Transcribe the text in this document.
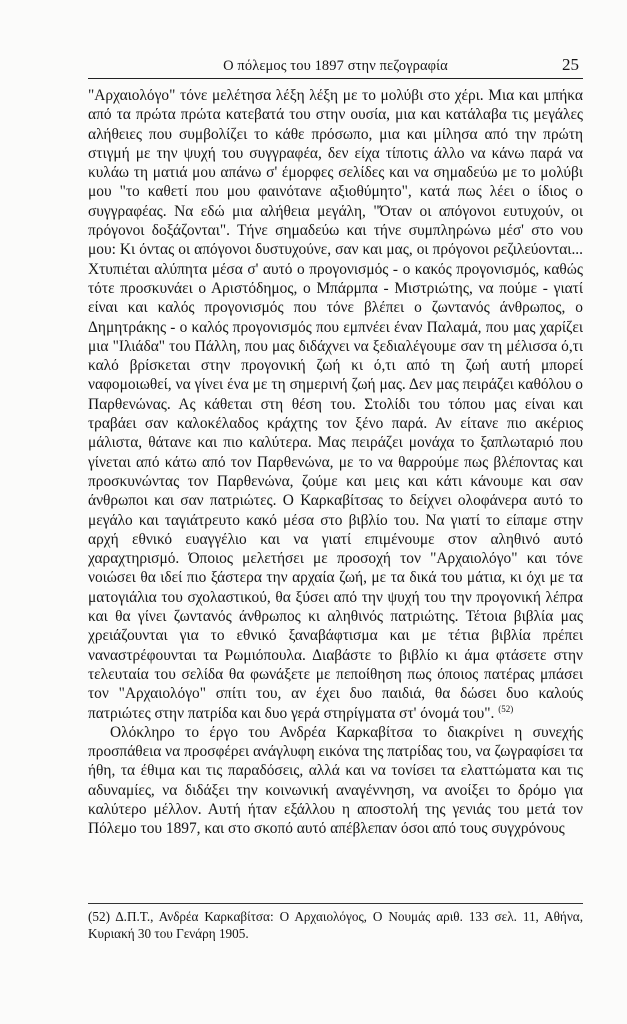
Ο πόλεμος του 1897 στην πεζογραφία	25

"Αρχαιολόγο" τόνε μελέτησα λέξη λέξη με το μολύβι στο χέρι. Μια και μπήκα από τα πρώτα πρώτα κατεβατά του στην ουσία, μια και κατάλαβα τις μεγάλες αλήθειες που συμβολίζει το κάθε πρόσωπο, μια και μίλησα από την πρώτη στιγμή με την ψυχή του συγγραφέα, δεν είχα τίποτις άλλο να κάνω παρά να κυλάω τη ματιά μου απάνω σ' έμορφες σελίδες και να σημαδεύω με το μολύβι μου "το καθετί που μου φαινότανε αξιοθύμητο", κατά πως λέει ο ίδιος ο συγγραφέας. Να εδώ μια αλήθεια μεγάλη, "Όταν οι απόγονοι ευτυχούν, οι πρόγονοι δοξάζονται". Τήνε σημαδεύω και τήνε συμπληρώνω μέσ' στο νου μου: Κι όντας οι απόγονοι δυστυχούνε, σαν και μας, οι πρόγονοι ρεζιλεύονται... Χτυπιέται αλύπητα μέσα σ' αυτό ο προγονισμός - ο κακός προγονισμός, καθώς τότε προσκυνάει ο Αριστόδημος, ο Μπάρμπα - Μιστριώτης, να πούμε - γιατί είναι και καλός προγονισμός που τόνε βλέπει ο ζωντανός άνθρωπος, ο Δημητράκης - ο καλός προγονισμός που εμπνέει έναν Παλαμά, που μας χαρίζει μια "Ιλιάδα" του Πάλλη, που μας διδάχνει να ξεδιαλέγουμε σαν τη μέλισσα ό,τι καλό βρίσκεται στην προγονική ζωή κι ό,τι από τη ζωή αυτή μπορεί ναφομοιωθεί, να γίνει ένα με τη σημερινή ζωή μας. Δεν μας πειράζει καθόλου ο Παρθενώνας. Ας κάθεται στη θέση του. Στολίδι του τόπου μας είναι και τραβάει σαν καλοκέλαδος κράχτης τον ξένο παρά. Αν είτανε πιο ακέριος μάλιστα, θάτανε και πιο καλύτερα. Μας πειράζει μονάχα το ξαπλωταριό που γίνεται από κάτω από τον Παρθενώνα, με το να θαρρούμε πως βλέποντας και προσκυνώντας τον Παρθενώνα, ζούμε και μεις και κάτι κάνουμε και σαν άνθρωποι και σαν πατριώτες. Ο Καρκαβίτσας το δείχνει ολοφάνερα αυτό το μεγάλο και ταγιάτρευτο κακό μέσα στο βιβλίο του. Να γιατί το είπαμε στην αρχή εθνικό ευαγγέλιο και να γιατί επιμένουμε στον αληθινό αυτό χαραχτηρισμό. Όποιος μελετήσει με προσοχή τον "Αρχαιολόγο" και τόνε νοιώσει θα ιδεί πιο ξάστερα την αρχαία ζωή, με τα δικά του μάτια, κι όχι με τα ματογιάλια του σχολαστικού, θα ξύσει από την ψυχή του την προγονική λέπρα και θα γίνει ζωντανός άνθρωπος κι αληθινός πατριώτης. Τέτοια βιβλία μας χρειάζουνται για το εθνικό ξαναβάφτισμα και με τέτια βιβλία πρέπει ναναστρέφουνται τα Ρωμιόπουλα. Διαβάστε το βιβλίο κι άμα φτάσετε στην τελευταία του σελίδα θα φωνάξετε με πεποίθηση πως όποιος πατέρας μπάσει τον "Αρχαιολόγο" σπίτι του, αν έχει δυο παιδιά, θα δώσει δυο καλούς πατριώτες στην πατρίδα και δυο γερά στηρίγματα στ' όνομά του". $^{(52)}$

Ολόκληρο το έργο του Ανδρέα Καρκαβίτσα το διακρίνει η συνεχής προσπάθεια να προσφέρει ανάγλυφη εικόνα της πατρίδας του, να ζωγραφίσει τα ήθη, τα έθιμα και τις παραδόσεις, αλλά και να τονίσει τα ελαττώματα και τις αδυναμίες, να διδάξει την κοινωνική αναγέννηση, να ανοίξει το δρόμο για καλύτερο μέλλον. Αυτή ήταν εξάλλου η αποστολή της γενιάς του μετά τον Πόλεμο του 1897, και στο σκοπό αυτό απέβλεπαν όσοι από τους συγχρόνους

(52) Δ.Π.Τ., Ανδρέα Καρκαβίτσα: Ο Αρχαιολόγος, Ο Νουμάς αριθ. 133 σελ. 11, Αθήνα, Κυριακή 30 του Γενάρη 1905.
